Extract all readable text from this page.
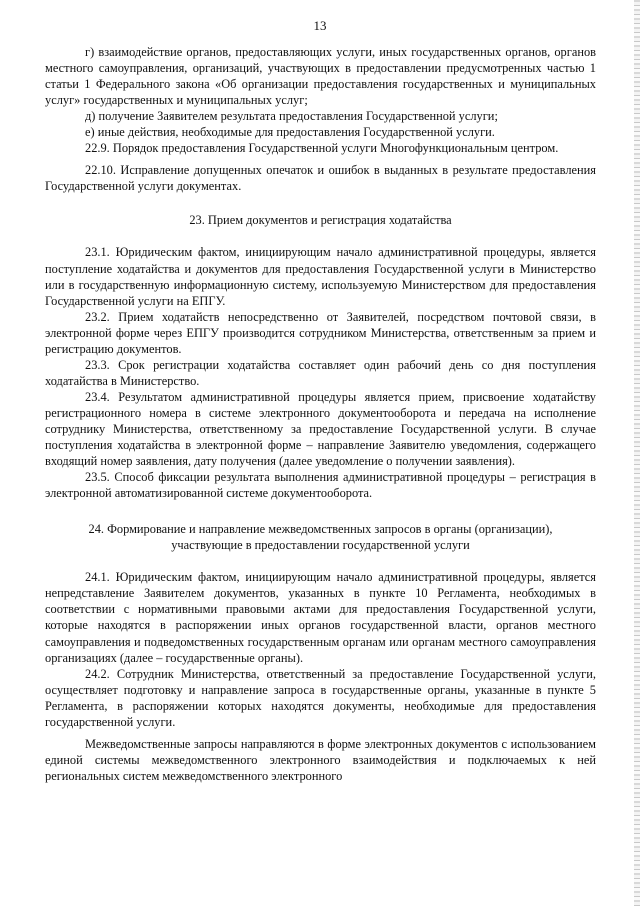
13

г) взаимодействие органов, предоставляющих услуги, иных государственных органов, органов местного самоуправления, организаций, участвующих в предоставлении предусмотренных частью 1 статьи 1 Федерального закона «Об организации предоставления государственных и муниципальных услуг» государственных и муниципальных услуг;

д) получение Заявителем результата предоставления Государственной услуги;

е) иные действия, необходимые для предоставления Государственной услуги.

22.9. Порядок предоставления Государственной услуги Многофункциональным центром.

22.10. Исправление допущенных опечаток и ошибок в выданных в результате предоставления Государственной услуги документах.

23. Прием документов и регистрация ходатайства

23.1. Юридическим фактом, инициирующим начало административной процедуры, является поступление ходатайства и документов для предоставления Государственной услуги в Министерство или в государственную информационную систему, используемую Министерством для предоставления Государственной услуги на ЕПГУ.

23.2. Прием ходатайств непосредственно от Заявителей, посредством почтовой связи, в электронной форме через ЕПГУ производится сотрудником Министерства, ответственным за прием и регистрацию документов.

23.3. Срок регистрации ходатайства составляет один рабочий день со дня поступления ходатайства в Министерство.

23.4. Результатом административной процедуры является прием, присвоение ходатайству регистрационного номера в системе электронного документооборота и передача на исполнение сотруднику Министерства, ответственному за предоставление Государственной услуги. В случае поступления ходатайства в электронной форме – направление Заявителю уведомления, содержащего входящий номер заявления, дату получения (далее уведомление о получении заявления).

23.5. Способ фиксации результата выполнения административной процедуры – регистрация в электронной автоматизированной системе документооборота.

24. Формирование и направление межведомственных запросов в органы (организации),
участвующие в предоставлении государственной услуги

24.1. Юридическим фактом, инициирующим начало административной процедуры, является непредставление Заявителем документов, указанных в пункте 10 Регламента, необходимых в соответствии с нормативными правовыми актами для предоставления Государственной услуги, которые находятся в распоряжении иных органов государственной власти, органов местного самоуправления и подведомственных государственным органам или органам местного самоуправления организациях (далее – государственные органы).

24.2. Сотрудник Министерства, ответственный за предоставление Государственной услуги, осуществляет подготовку и направление запроса в государственные органы, указанные в пункте 5 Регламента, в распоряжении которых находятся документы, необходимые для предоставления государственной услуги.

Межведомственные запросы направляются в форме электронных документов с использованием единой системы межведомственного электронного взаимодействия и подключаемых к ней региональных систем межведомственного электронного
